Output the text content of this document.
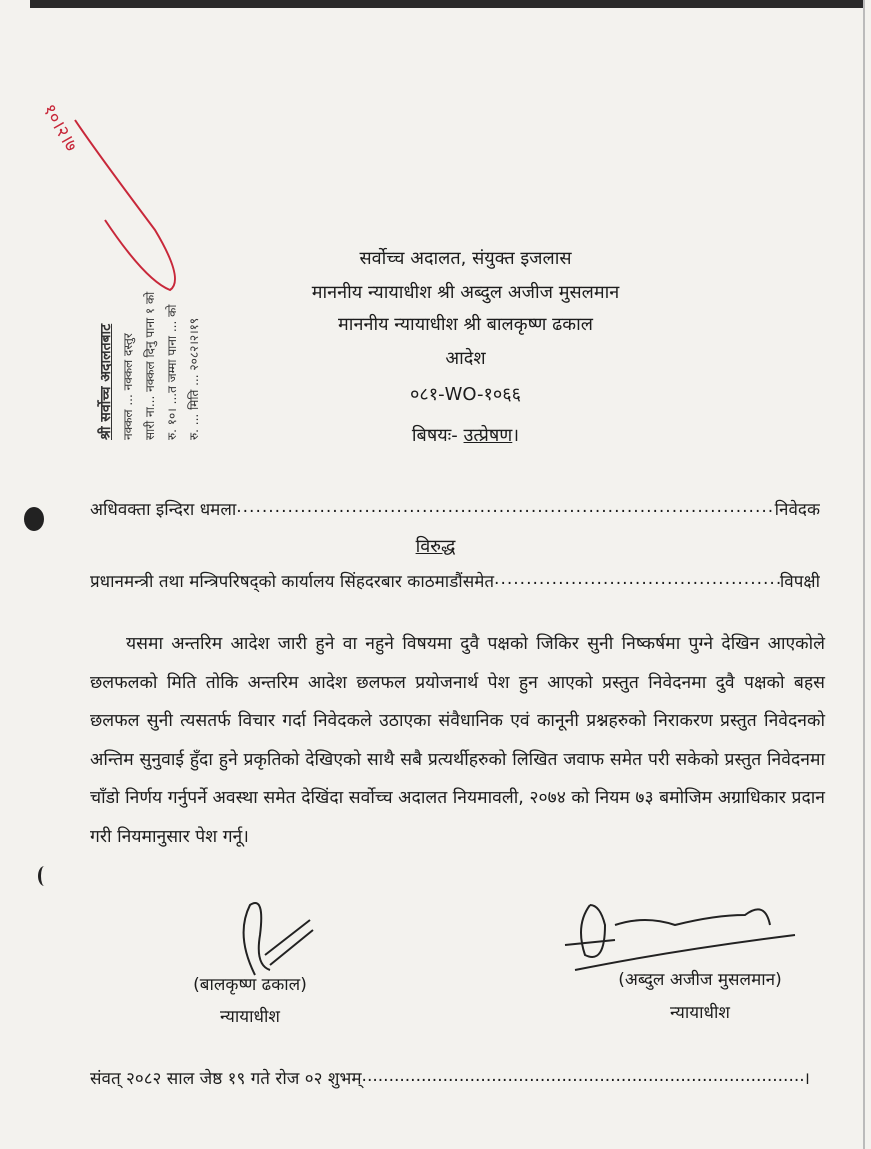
१०।२।७
श्री सर्वोच्च अदालतबाट नक्कल ... नक्कल दस्तुर सारी ना... नक्कल दिनु पाना १ को रु. १०। ...त जम्मा पाना ... को रु. ... मिति ... २०८२।२।१९
सर्वोच्च अदालत, संयुक्त इजलास
माननीय न्यायाधीश श्री अब्दुल अजीज मुसलमान
माननीय न्यायाधीश श्री बालकृष्ण ढकाल
आदेश
०८१-WO-१०६६
बिषयः- उत्प्रेषण।
अधिवक्ता इन्दिरा धमला .....	निवेदक
विरुद्ध
प्रधानमन्त्री तथा मन्त्रिपरिषद्को कार्यालय सिंहदरबार काठमाडौंसमेत .....	विपक्षी
यसमा अन्तरिम आदेश जारी हुने वा नहुने विषयमा दुवै पक्षको जिकिर सुनी निष्कर्षमा पुग्ने देखिन आएकोले छलफलको मिति तोकि अन्तरिम आदेश छलफल प्रयोजनार्थ पेश हुन आएको प्रस्तुत निवेदनमा दुवै पक्षको बहस छलफल सुनी त्यसतर्फ विचार गर्दा निवेदकले उठाएका संवैधानिक एवं कानूनी प्रश्नहरुको निराकरण प्रस्तुत निवेदनको अन्तिम सुनुवाई हुँदा हुने प्रकृतिको देखिएको साथै सबै प्रत्यर्थीहरुको लिखित जवाफ समेत परी सकेको प्रस्तुत निवेदनमा चाँडो निर्णय गर्नुपर्ने अवस्था समेत देखिंदा सर्वोच्च अदालत नियमावली, २०७४ को नियम ७३ बमोजिम अग्राधिकार प्रदान गरी नियमानुसार पेश गर्नू।
(बालकृष्ण ढकाल)
न्यायाधीश
(अब्दुल अजीज मुसलमान)
न्यायाधीश
संवत् २०८२ साल जेष्ठ १९ गते रोज ०२ शुभम् .....	।
